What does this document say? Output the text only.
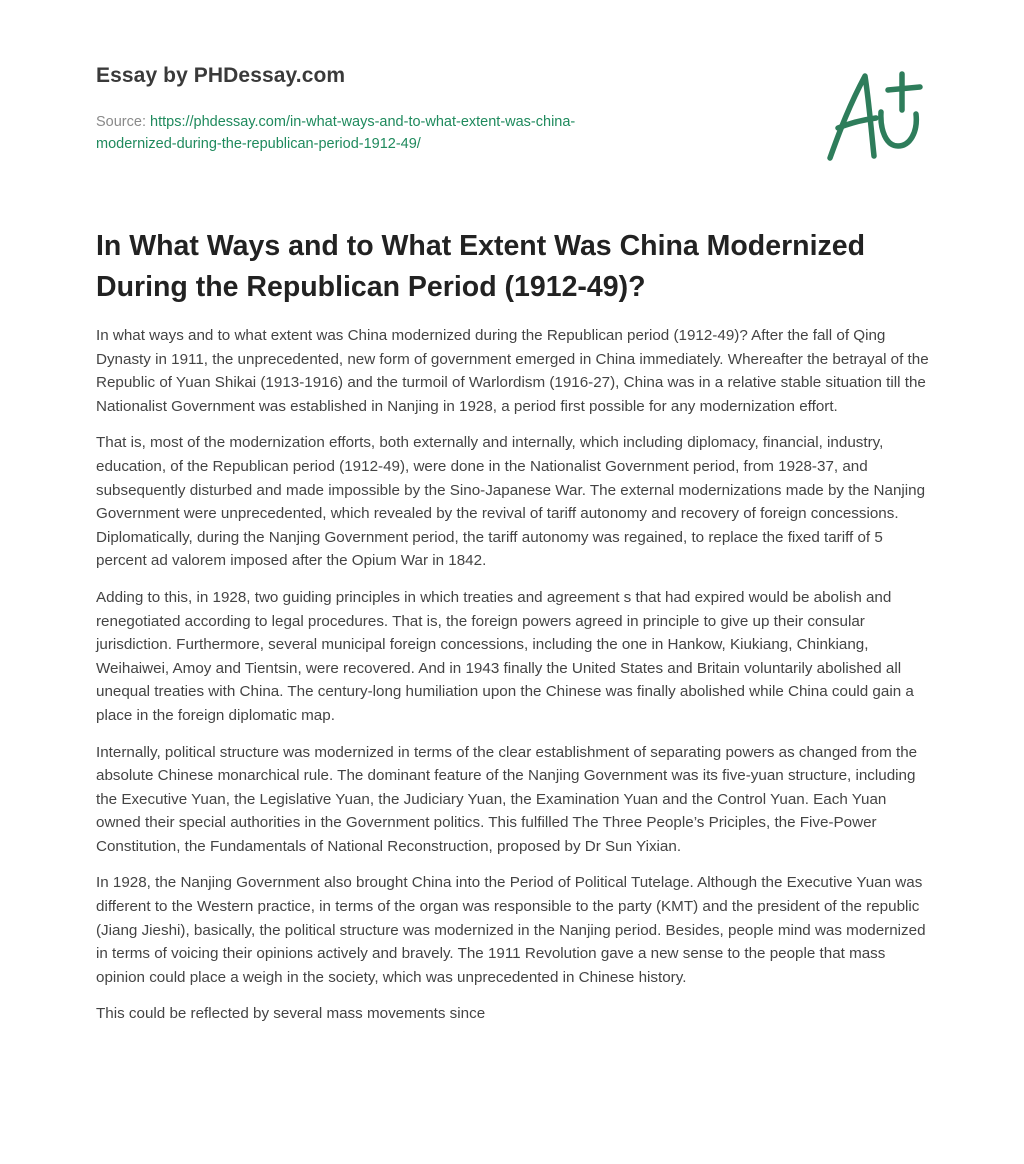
Essay by PHDessay.com
Source: https://phdessay.com/in-what-ways-and-to-what-extent-was-china-
modernized-during-the-republican-period-1912-49/
In What Ways and to What Extent Was China Modernized During the Republican Period (1912-49)?

In what ways and to what extent was China modernized during the Republican period (1912-49)? After the fall of Qing Dynasty in 1911, the unprecedented, new form of government emerged in China immediately. Whereafter the betrayal of the Republic of Yuan Shikai (1913-1916) and the turmoil of Warlordism (1916-27), China was in a relative stable situation till the Nationalist Government was established in Nanjing in 1928, a period first possible for any modernization effort.

That is, most of the modernization efforts, both externally and internally, which including diplomacy, financial, industry, education, of the Republican period (1912-49), were done in the Nationalist Government period, from 1928-37, and subsequently disturbed and made impossible by the Sino-Japanese War. The external modernizations made by the Nanjing Government were unprecedented, which revealed by the revival of tariff autonomy and recovery of foreign concessions. Diplomatically, during the Nanjing Government period, the tariff autonomy was regained, to replace the fixed tariff of 5 percent ad valorem imposed after the Opium War in 1842.

Adding to this, in 1928, two guiding principles in which treaties and agreement s that had expired would be abolish and renegotiated according to legal procedures. That is, the foreign powers agreed in principle to give up their consular jurisdiction. Furthermore, several municipal foreign concessions, including the one in Hankow, Kiukiang, Chinkiang, Weihaiwei, Amoy and Tientsin, were recovered. And in 1943 finally the United States and Britain voluntarily abolished all unequal treaties with China. The century-long humiliation upon the Chinese was finally abolished while China could gain a place in the foreign diplomatic map.

Internally, political structure was modernized in terms of the clear establishment of separating powers as changed from the absolute Chinese monarchical rule. The dominant feature of the Nanjing Government was its five-yuan structure, including the Executive Yuan, the Legislative Yuan, the Judiciary Yuan, the Examination Yuan and the Control Yuan. Each Yuan owned their special authorities in the Government politics. This fulfilled The Three People’s Priciples, the Five-Power Constitution, the Fundamentals of National Reconstruction, proposed by Dr Sun Yixian.

In 1928, the Nanjing Government also brought China into the Period of Political Tutelage. Although the Executive Yuan was different to the Western practice, in terms of the organ was responsible to the party (KMT) and the president of the republic (Jiang Jieshi), basically, the political structure was modernized in the Nanjing period. Besides, people mind was modernized in terms of voicing their opinions actively and bravely. The 1911 Revolution gave a new sense to the people that mass opinion could place a weigh in the society, which was unprecedented in Chinese history.

This could be reflected by several mass movements since
